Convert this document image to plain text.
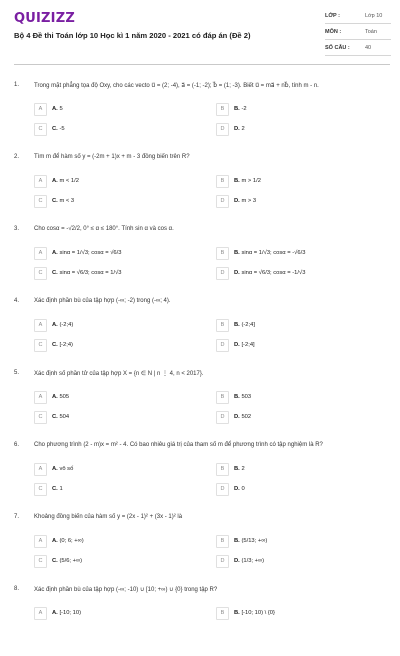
QUIZIZZ
Bộ 4 Đề thi Toán lớp 10 Học kì 1 năm 2020 - 2021 có đáp án (Đề 2)
LỚP :	Lớp 10
MÔN :	Toán
SỐ CÂU :	40
1. Trong mặt phẳng tọa độ Oxy, cho các vecto u⃗ = (2; -4), a⃗ = (-1; -2); b⃗ = (1; -3). Biết u⃗ = ma⃗ + nb⃗, tính m - n.
A	A. 5	B	B. -2
C	C. -5	D	D. 2
2. Tìm m để hàm số y = (-2m + 1)x + m - 3 đồng biến trên R?
A	A. m < 1/2	B	B. m > 1/2
C	C. m < 3	D	D. m > 3
3. Cho cosα = -√2/2, 0° ≤ α ≤ 180°. Tính sin α và cos α.
A	A. sinα = 1/√3; cosα = √6/3	B	B. sinα = 1/√3; cosα = -√6/3
C	C. sinα = √6/3; cosα = 1/√3	D	D. sinα = √6/3; cosα = -1/√3
4. Xác định phần bù của tập hợp (-∞; -2) trong (-∞; 4).
A	A. (-2;4)	B	B. (-2;4]
C	C. [-2;4)	D	D. [-2;4]
5. Xác định số phần tử của tập hợp X = {n ∈ N | n ⋮ 4, n < 2017}.
A	A. 505	B	B. 503
C	C. 504	D	D. 502
6. Cho phương trình (2 - m)x = m² - 4. Có bao nhiêu giá trị của tham số m để phương trình có tập nghiệm là R?
A	A. vô số	B	B. 2
C	C. 1	D	D. 0
7. Khoảng đồng biến của hàm số y = (2x - 1)² + (3x - 1)² là
A	A. (0; 6; +∞)	B	B. (5/13; +∞)
C	C. (5/6; +∞)	D	D. (1/3; +∞)
8. Xác định phần bù của tập hợp (-∞; -10) ∪ [10; +∞) ∪ {0} trong tập R?
A	A. [-10; 10)	B	B. [-10; 10) \ {0}
